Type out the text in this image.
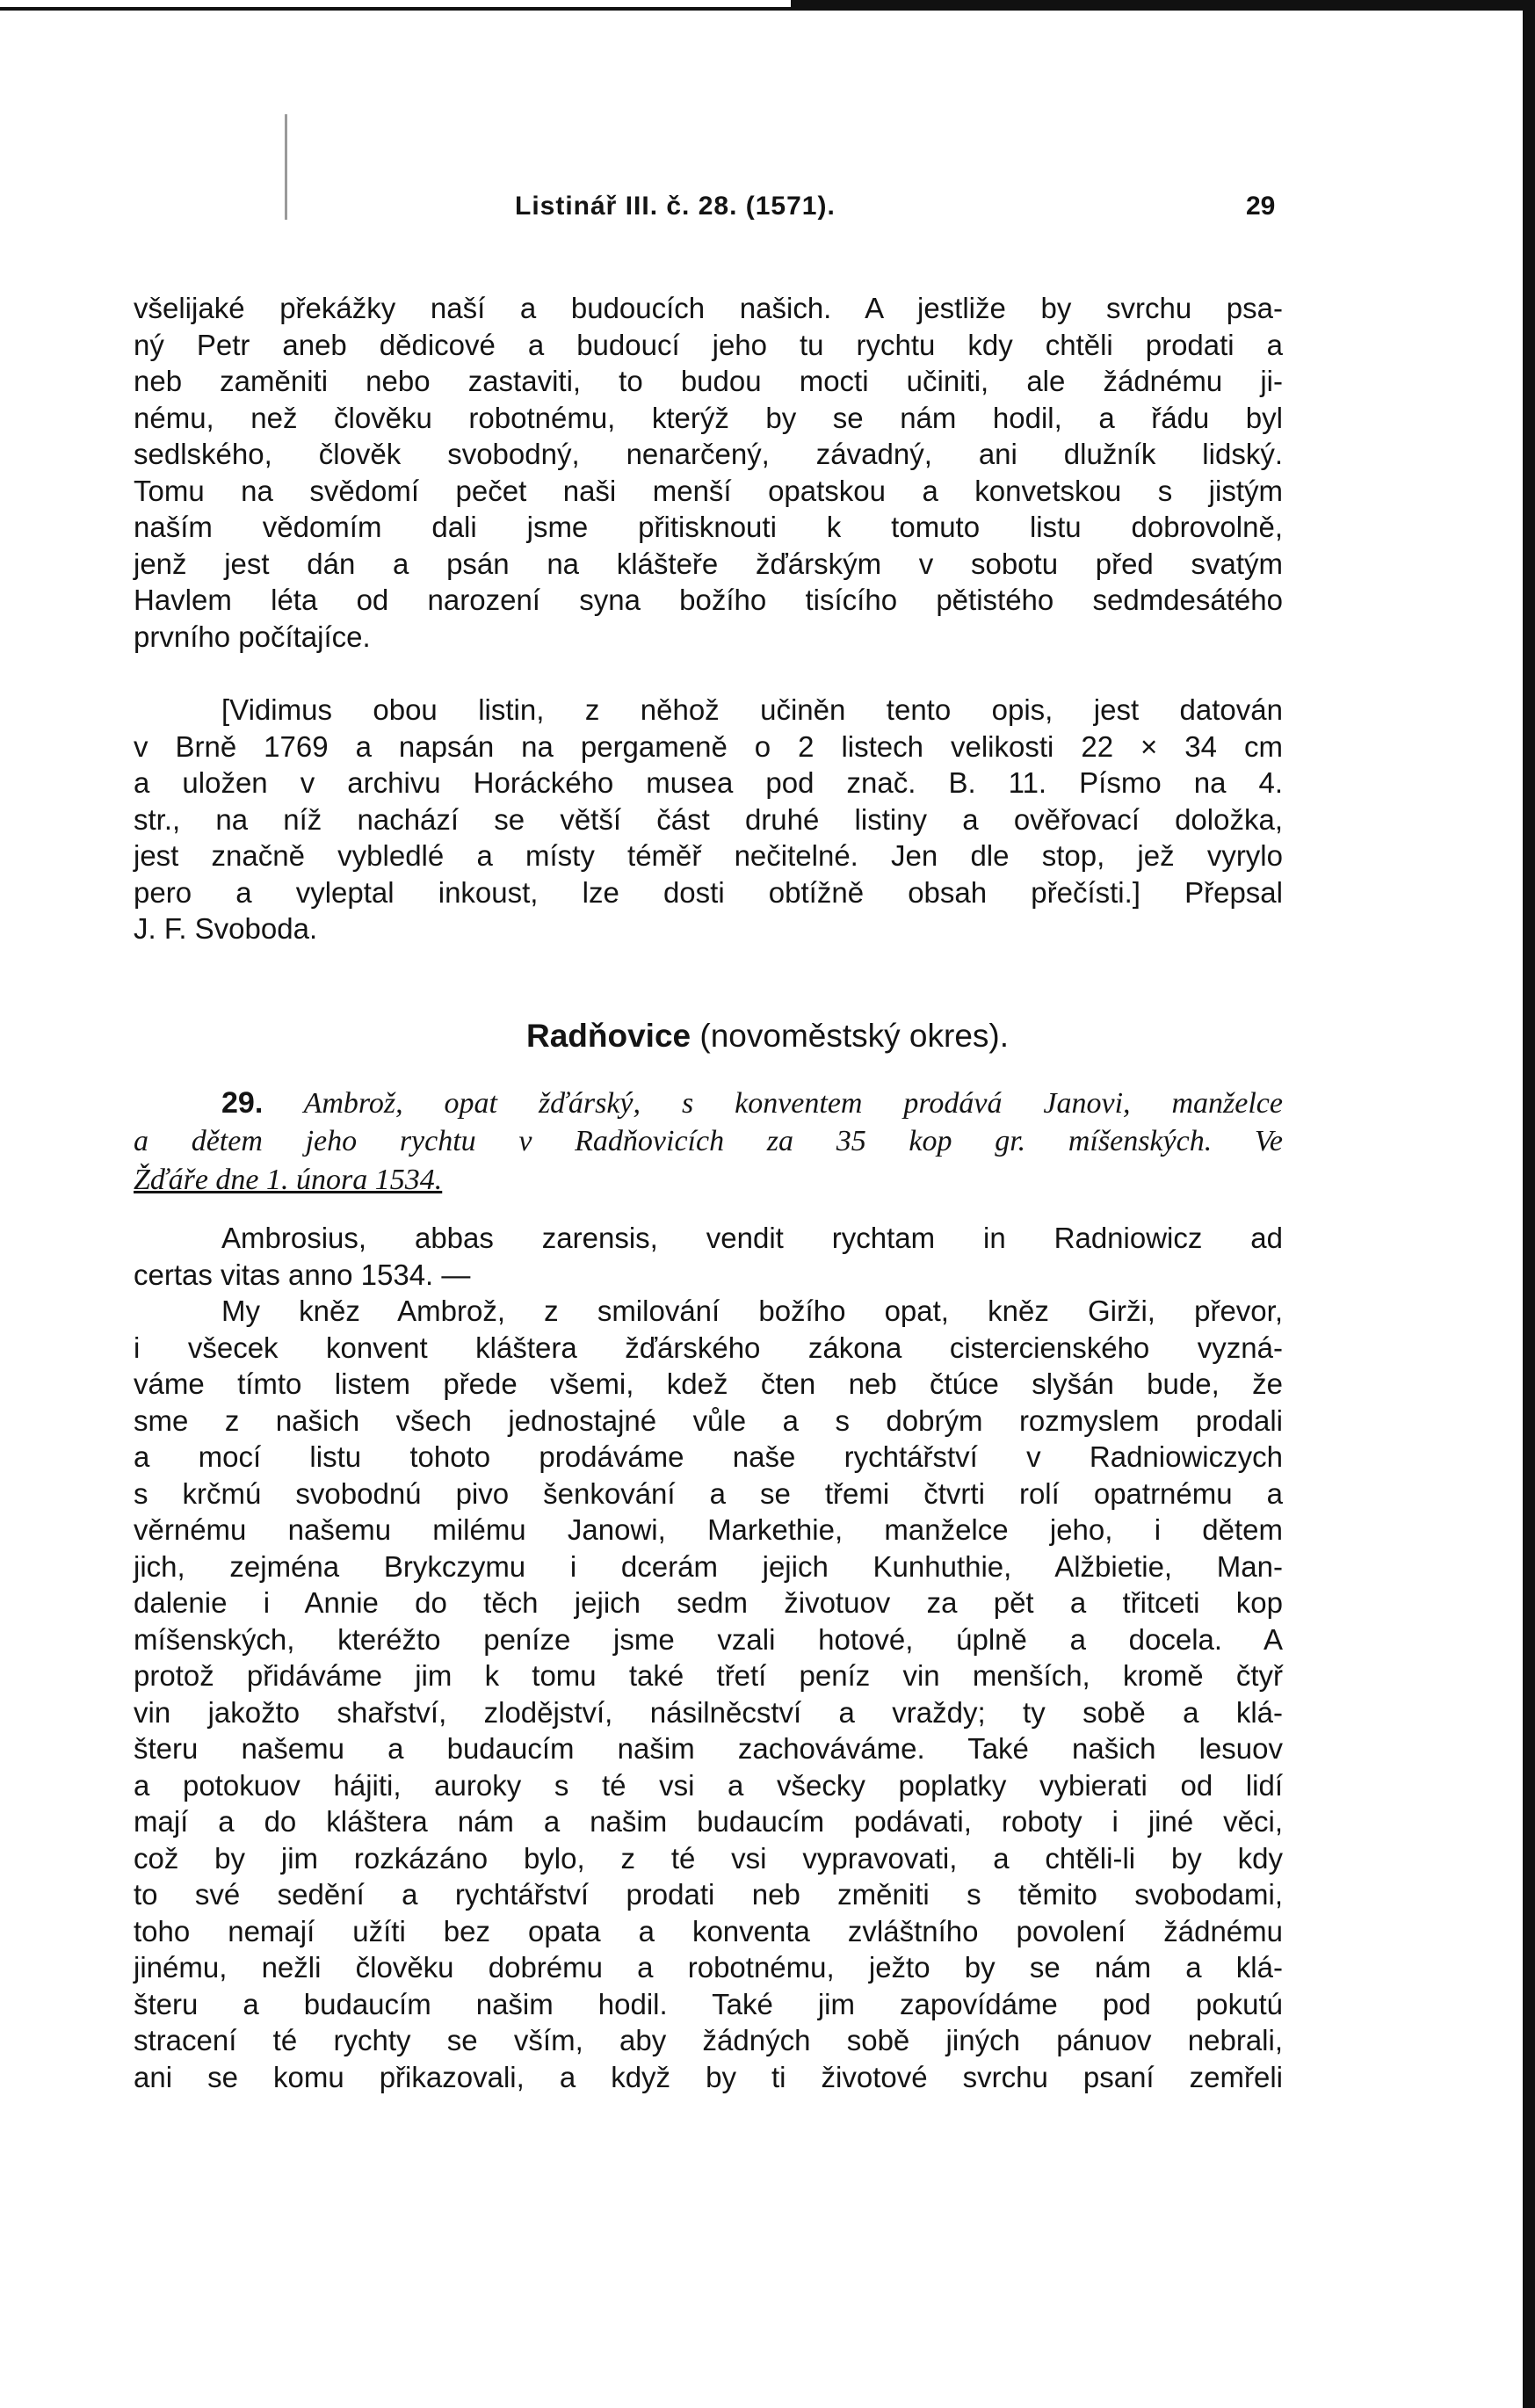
Listinář III. č. 28. (1571).	29
všelijaké překážky naší a budoucích našich. A jestliže by svrchu psa-
ný Petr aneb dědicové a budoucí jeho tu rychtu kdy chtěli prodati a
neb zaměniti nebo zastaviti, to budou mocti učiniti, ale žádnému ji-
nému, než člověku robotnému, kterýž by se nám hodil, a řádu byl
sedlského, člověk svobodný, nenarčený, závadný, ani dlužník lidský.
Tomu na svědomí pečet naši menší opatskou a konvetskou s jistým
naším vědomím dali jsme přitisknouti k tomuto listu dobrovolně,
jenž jest dán a psán na klášteře žďárským v sobotu před svatým
Havlem léta od narození syna božího tisícího pětistého sedmdesátého
prvního počítajíce.
[Vidimus obou listin, z něhož učiněn tento opis, jest datován
v Brně 1769 a napsán na pergameně o 2 listech velikosti 22 × 34 cm
a uložen v archivu Horáckého musea pod znač. B. 11. Písmo na 4.
str., na níž nachází se větší část druhé listiny a ověřovací doložka,
jest značně vybledlé a místy téměř nečitelné. Jen dle stop, jež vyrylo
pero a vyleptal inkoust, lze dosti obtížně obsah přečísti.] Přepsal
J. F. Svoboda.
Radňovice (novoměstský okres).
29. Ambrož, opat žďárský, s konventem prodává Janovi, manželce
a dětem jeho rychtu v Radňovicích za 35 kop gr. míšenských. Ve
Žďáře dne 1. února 1534.
Ambrosius, abbas zarensis, vendit rychtam in Radniowicz ad
certas vitas anno 1534. —
My kněz Ambrož, z smilování božího opat, kněz Girži, převor,
i všecek konvent kláštera žďárského zákona cistercienského vyzná-
váme tímto listem přede všemi, kdež čten neb čtúce slyšán bude, že
sme z našich všech jednostajné vůle a s dobrým rozmyslem prodali
a mocí listu tohoto prodáváme naše rychtářství v Radniowiczych
s krčmú svobodnú pivo šenkování a se třemi čtvrti rolí opatrnému a
věrnému našemu milému Janowi, Markethie, manželce jeho, i dětem
jich, zejména Brykczymu i dcerám jejich Kunhuthie, Alžbietie, Man-
dalenie i Annie do těch jejich sedm životuov za pět a třitceti kop
míšenských, kteréžto peníze jsme vzali hotové, úplně a docela. A
protož přidáváme jim k tomu také třetí peníz vin menších, kromě čtyř
vin jakožto shařství, zlodějství, násilněcství a vraždy; ty sobě a klá-
šteru našemu a budaucím našim zachováváme. Také našich lesuov
a potokuov hájiti, auroky s té vsi a všecky poplatky vybierati od lidí
mají a do kláštera nám a našim budaucím podávati, roboty i jiné věci,
což by jim rozkázáno bylo, z té vsi vypravovati, a chtěli-li by kdy
to své sedění a rychtářství prodati neb změniti s těmito svobodami,
toho nemají užíti bez opata a konventa zvláštního povolení žádnému
jinému, nežli člověku dobrému a robotnému, ježto by se nám a klá-
šteru a budaucím našim hodil. Také jim zapovídáme pod pokutú
stracení té rychty se vším, aby žádných sobě jiných pánuov nebrali,
ani se komu přikazovali, a když by ti životové svrchu psaní zemřeli
